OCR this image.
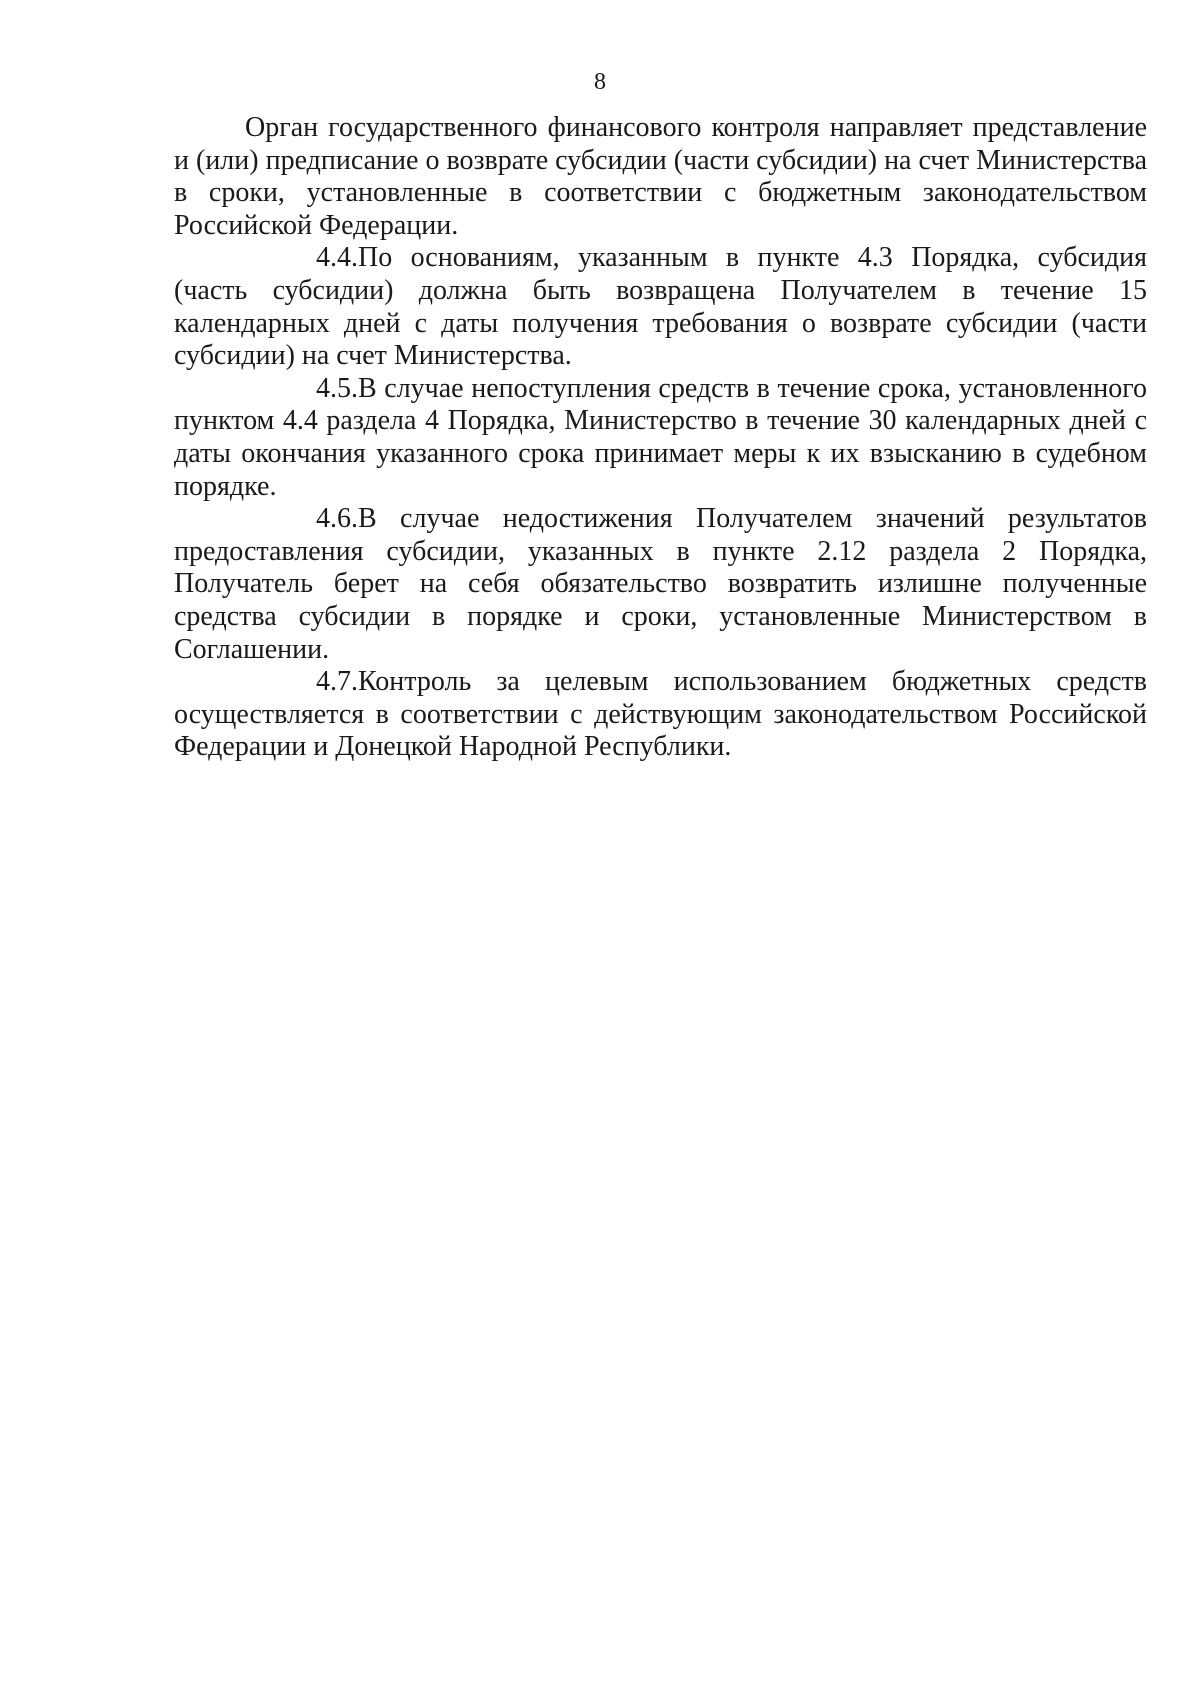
8

Орган государственного финансового контроля направляет представление и (или) предписание о возврате субсидии (части субсидии) на счет Министерства в сроки, установленные в соответствии с бюджетным законодательством Российской Федерации.

4.4.По основаниям, указанным в пункте 4.3 Порядка, субсидия (часть субсидии) должна быть возвращена Получателем в течение 15 календарных дней с даты получения требования о возврате субсидии (части субсидии) на счет Министерства.

4.5.В случае непоступления средств в течение срока, установленного пунктом 4.4 раздела 4 Порядка, Министерство в течение 30 календарных дней с даты окончания указанного срока принимает меры к их взысканию в судебном порядке.

4.6.В случае недостижения Получателем значений результатов предоставления субсидии, указанных в пункте 2.12 раздела 2 Порядка, Получатель берет на себя обязательство возвратить излишне полученные средства субсидии в порядке и сроки, установленные Министерством в Соглашении.

4.7.Контроль за целевым использованием бюджетных средств осуществляется в соответствии с действующим законодательством Российской Федерации и Донецкой Народной Республики.
